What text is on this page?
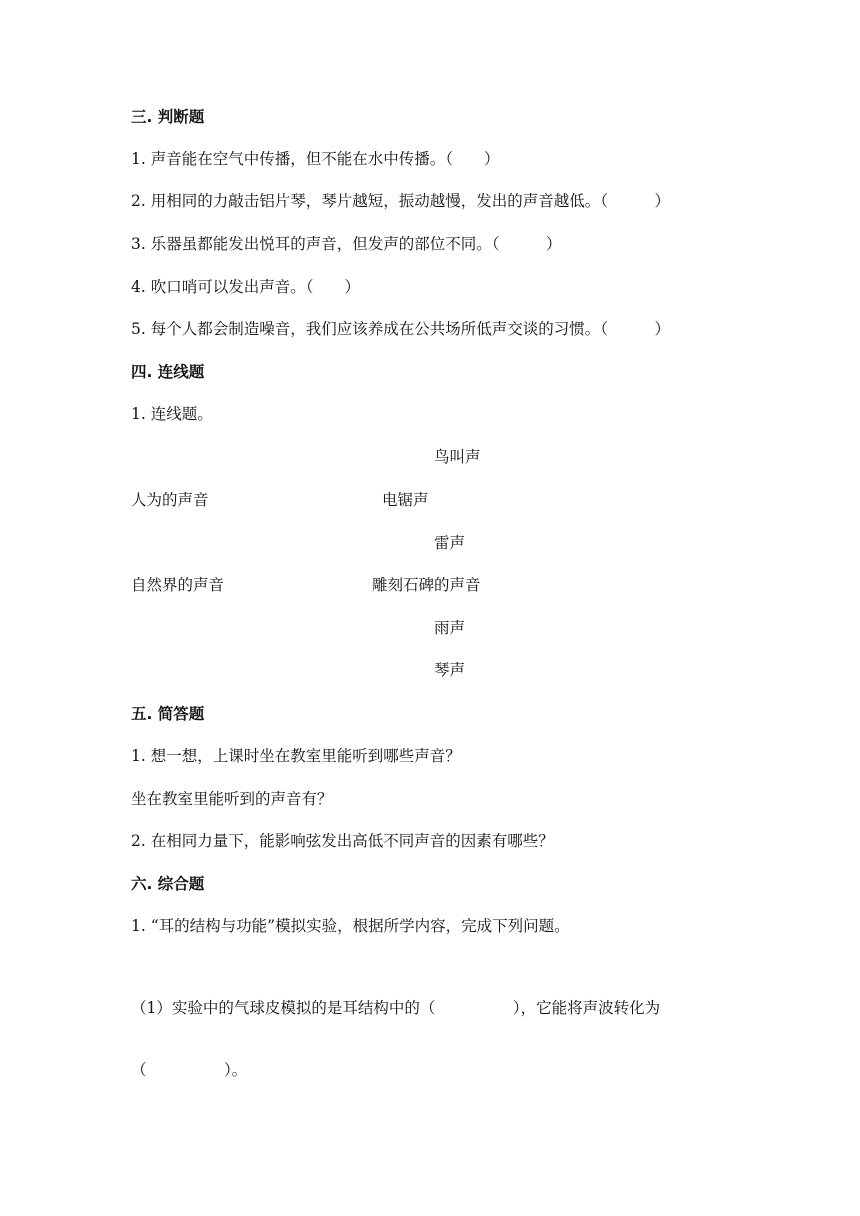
三. 判断题
1. 声音能在空气中传播，但不能在水中传播。（　　）
2. 用相同的力敲击铝片琴，琴片越短，振动越慢，发出的声音越低。（　　　）
3. 乐器虽都能发出悦耳的声音，但发声的部位不同。（　　　）
4. 吹口哨可以发出声音。（　　）
5. 每个人都会制造噪音，我们应该养成在公共场所低声交谈的习惯。（　　　）
四. 连线题
1. 连线题。
鸟叫声
人为的声音	电锯声
雷声
自然界的声音	雕刻石碑的声音
雨声
琴声
五. 简答题
1. 想一想，上课时坐在教室里能听到哪些声音？
坐在教室里能听到的声音有？
2. 在相同力量下，能影响弦发出高低不同声音的因素有哪些？
六. 综合题
1. “耳的结构与功能”模拟实验，根据所学内容，完成下列问题。
（1）实验中的气球皮模拟的是耳结构中的（　　　　　），它能将声波转化为
（　　　　　）。
